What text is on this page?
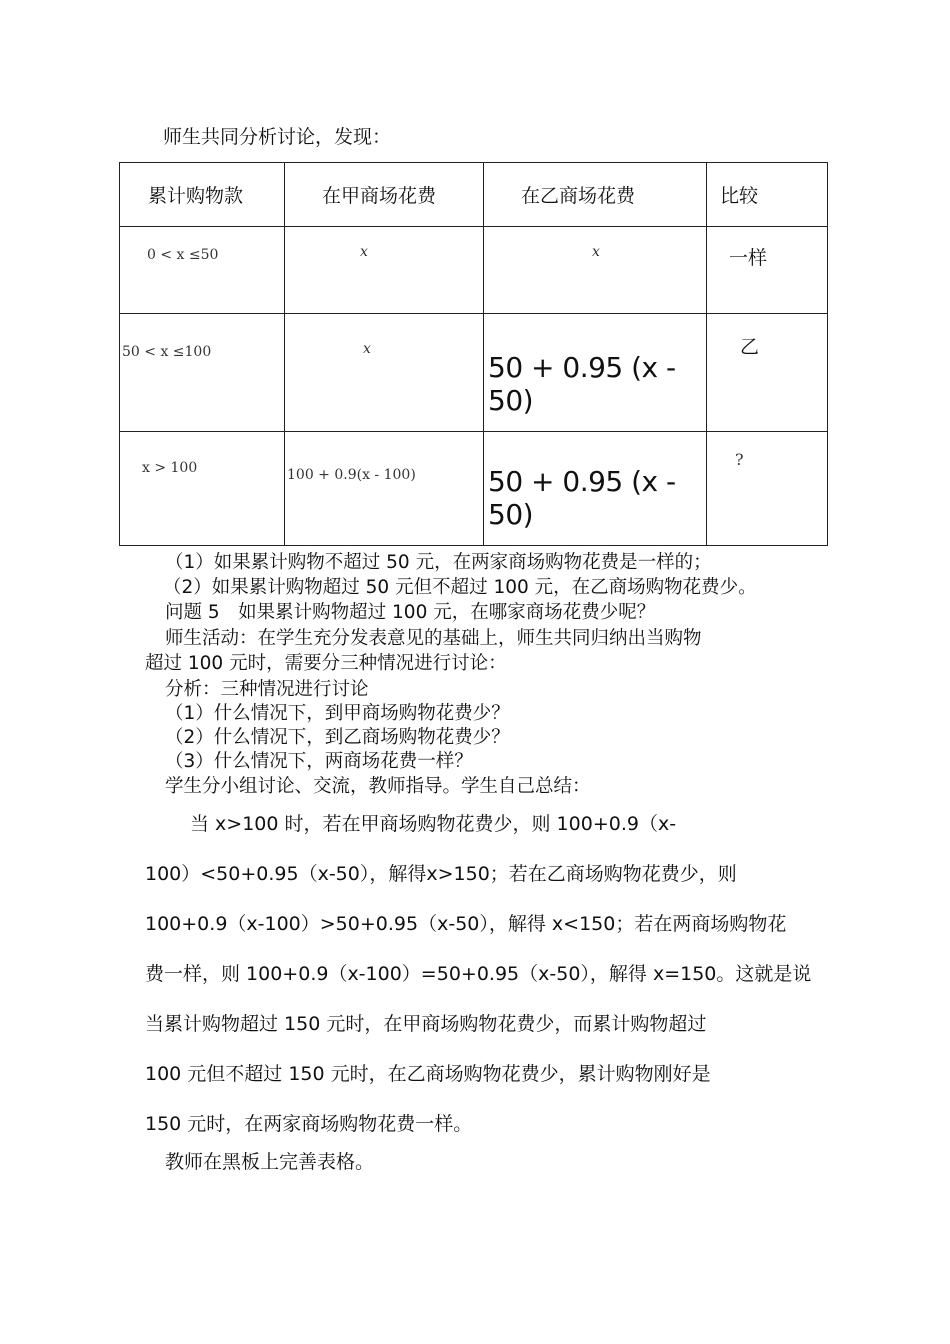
师生共同分析讨论，发现：
累计购物款	在甲商场花费	在乙商场花费	比较

0 < x ≤50	x	x	一样

50 < x ≤100	x	50 + 0.95 (x - 50)	乙

x > 100	100 + 0.9(x - 100)	50 + 0.95 (x - 50)	?
（1）如果累计购物不超过 50 元，在两家商场购物花费是一样的；
（2）如果累计购物超过 50 元但不超过 100 元，在乙商场购物花费少。
问题 5　如果累计购物超过 100 元，在哪家商场花费少呢？
师生活动：在学生充分发表意见的基础上，师生共同归纳出当购物
超过 100 元时，需要分三种情况进行讨论：
分析：三种情况进行讨论
（1）什么情况下，到甲商场购物花费少？
（2）什么情况下，到乙商场购物花费少？
（3）什么情况下，两商场花费一样？
学生分小组讨论、交流，教师指导。学生自己总结：
当 x>100 时，若在甲商场购物花费少，则 100+0.9（x-
100）<50+0.95（x-50），解得x>150；若在乙商场购物花费少，则
100+0.9（x-100）>50+0.95（x-50），解得 x<150；若在两商场购物花
费一样，则 100+0.9（x-100）=50+0.95（x-50），解得 x=150。这就是说
当累计购物超过 150 元时，在甲商场购物花费少，而累计购物超过
100 元但不超过 150 元时，在乙商场购物花费少，累计购物刚好是
150 元时，在两家商场购物花费一样。
教师在黑板上完善表格。
